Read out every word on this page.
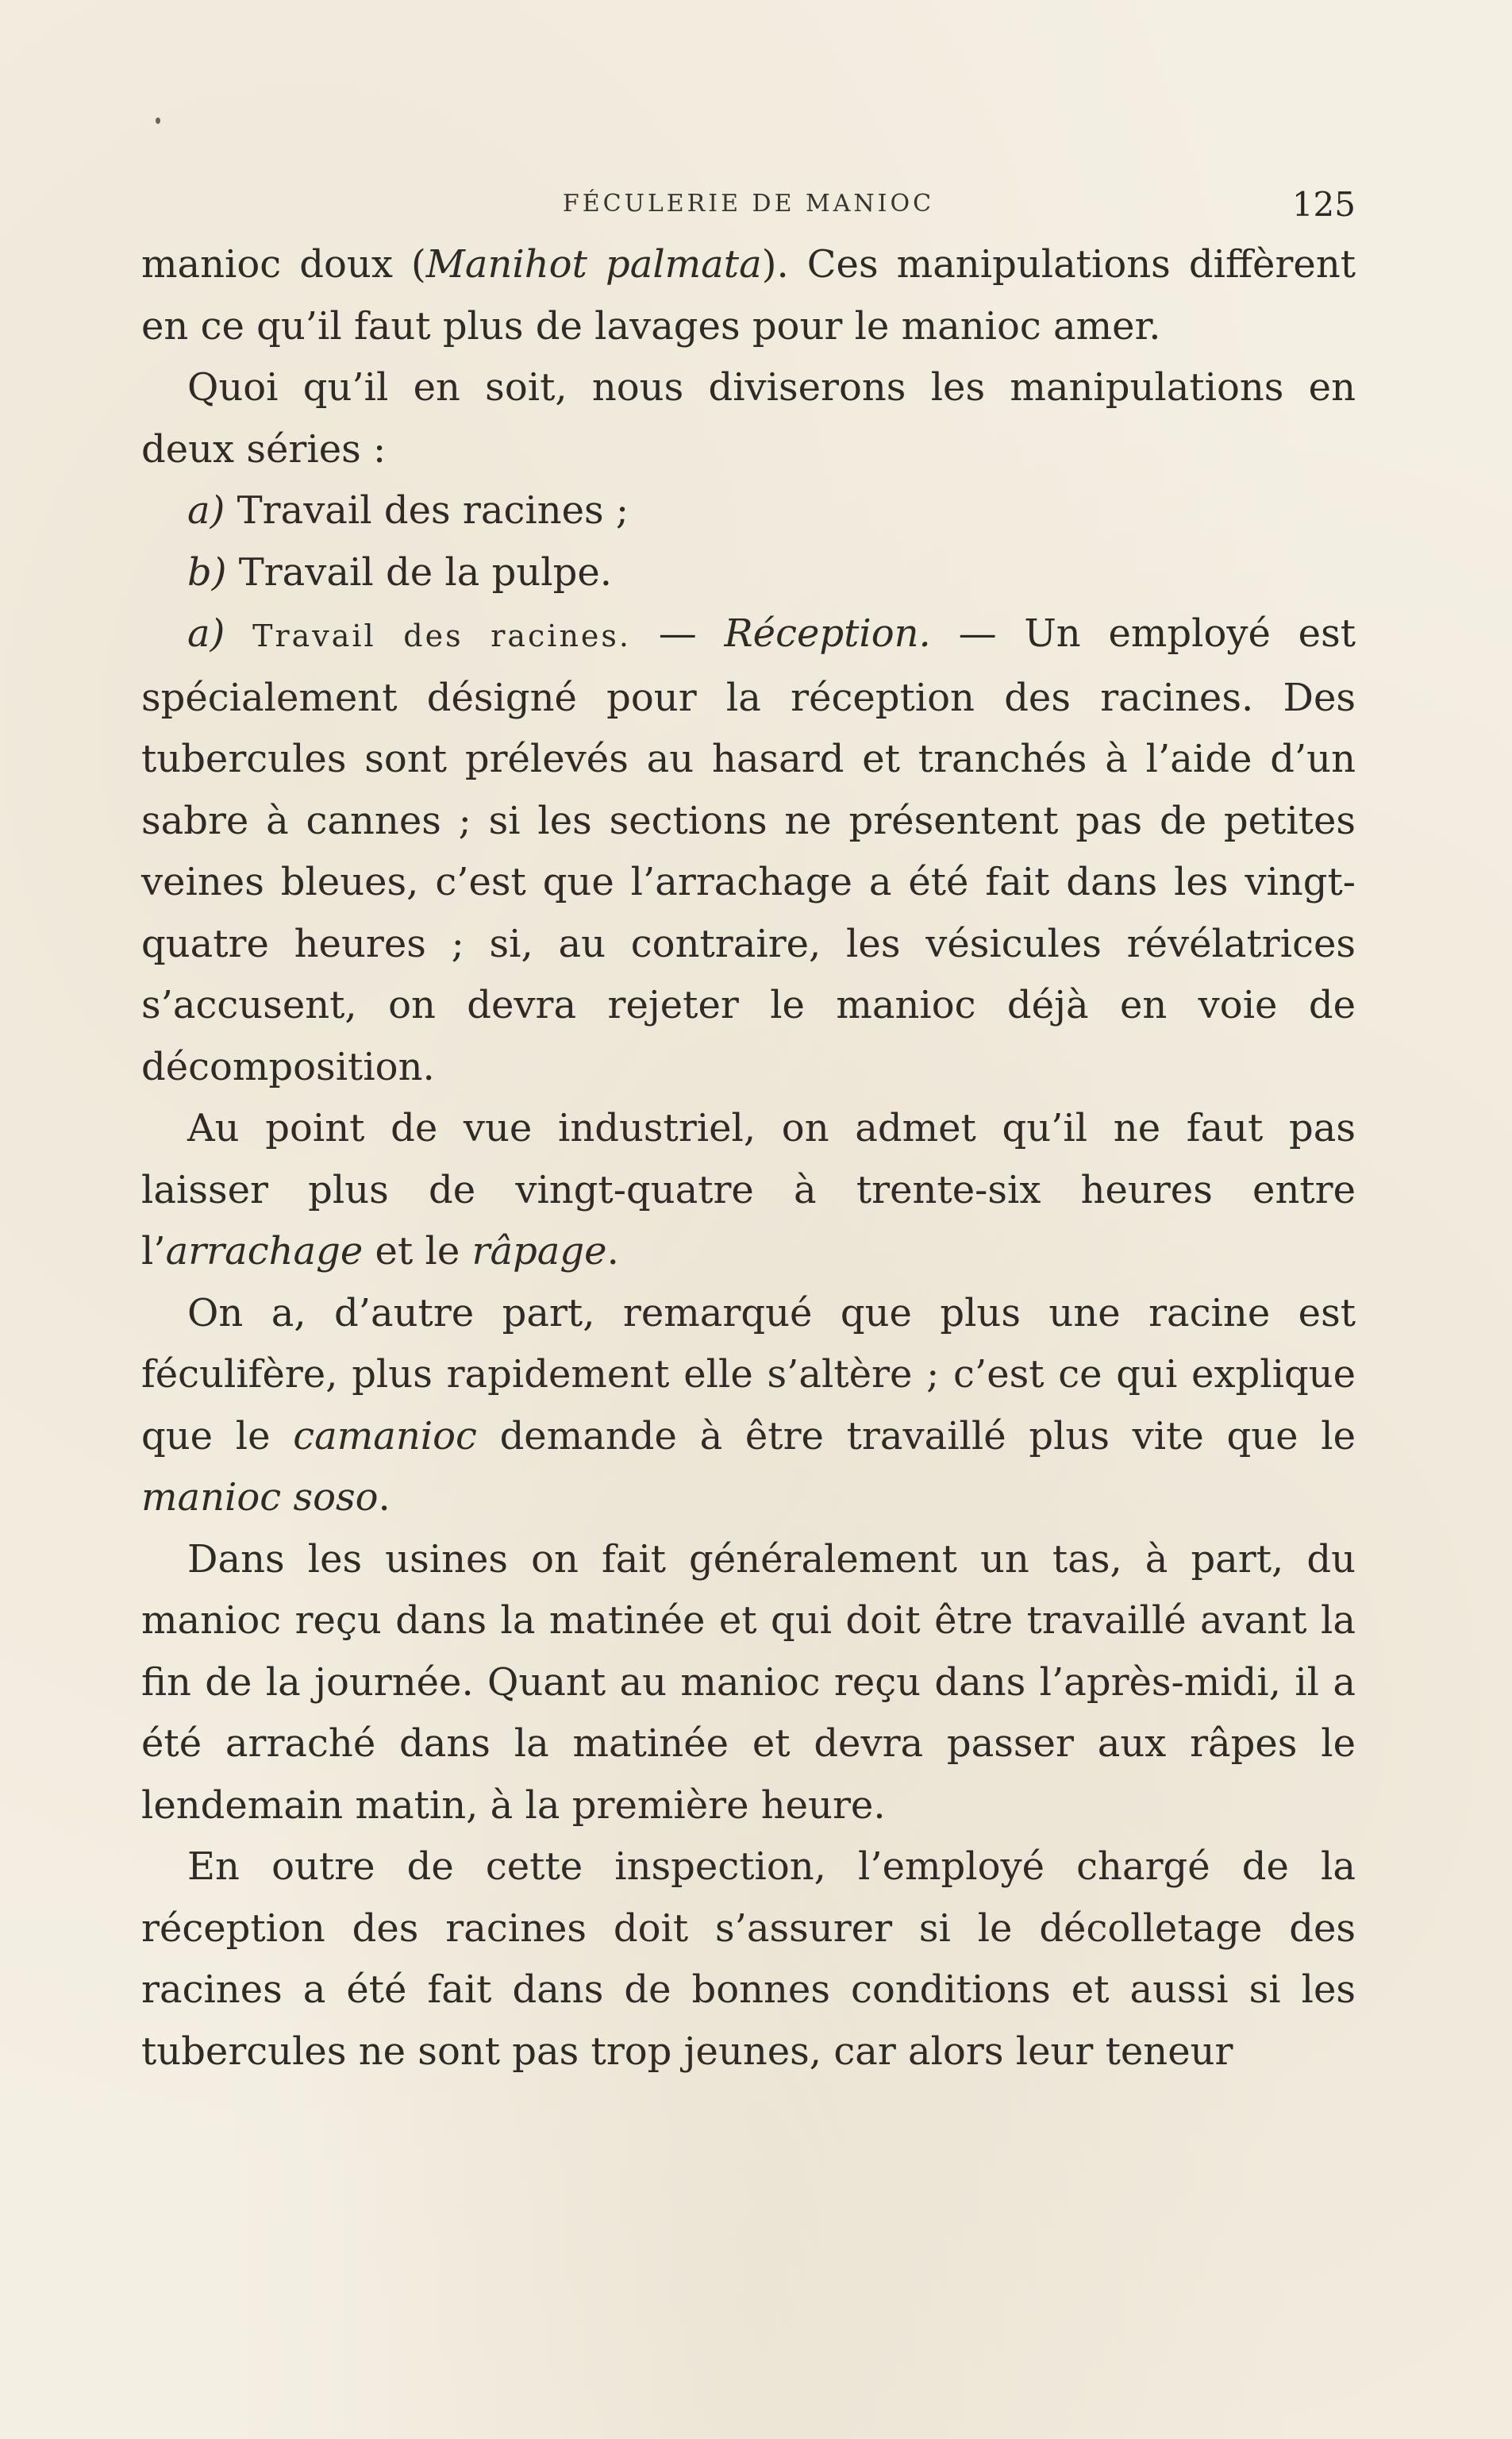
FÉCULERIE DE MANIOC	125

manioc doux (Manihot palmata). Ces manipulations diffèrent en ce qu’il faut plus de lavages pour le manioc amer.

Quoi qu’il en soit, nous diviserons les manipulations en deux séries :

a) Travail des racines ;

b) Travail de la pulpe.

a) Travail des racines. — Réception. — Un employé est spécialement désigné pour la réception des racines. Des tubercules sont prélevés au hasard et tranchés à l’aide d’un sabre à cannes ; si les sections ne présentent pas de petites veines bleues, c’est que l’arrachage a été fait dans les vingt-quatre heures ; si, au contraire, les vésicules révélatrices s’accusent, on devra rejeter le manioc déjà en voie de décomposition.

Au point de vue industriel, on admet qu’il ne faut pas laisser plus de vingt-quatre à trente-six heures entre l’arrachage et le râpage.

On a, d’autre part, remarqué que plus une racine est féculifère, plus rapidement elle s’altère ; c’est ce qui explique que le camanioc demande à être travaillé plus vite que le manioc soso.

Dans les usines on fait généralement un tas, à part, du manioc reçu dans la matinée et qui doit être travaillé avant la fin de la journée. Quant au manioc reçu dans l’après-midi, il a été arraché dans la matinée et devra passer aux râpes le lendemain matin, à la première heure.

En outre de cette inspection, l’employé chargé de la réception des racines doit s’assurer si le décolletage des racines a été fait dans de bonnes conditions et aussi si les tubercules ne sont pas trop jeunes, car alors leur teneur
